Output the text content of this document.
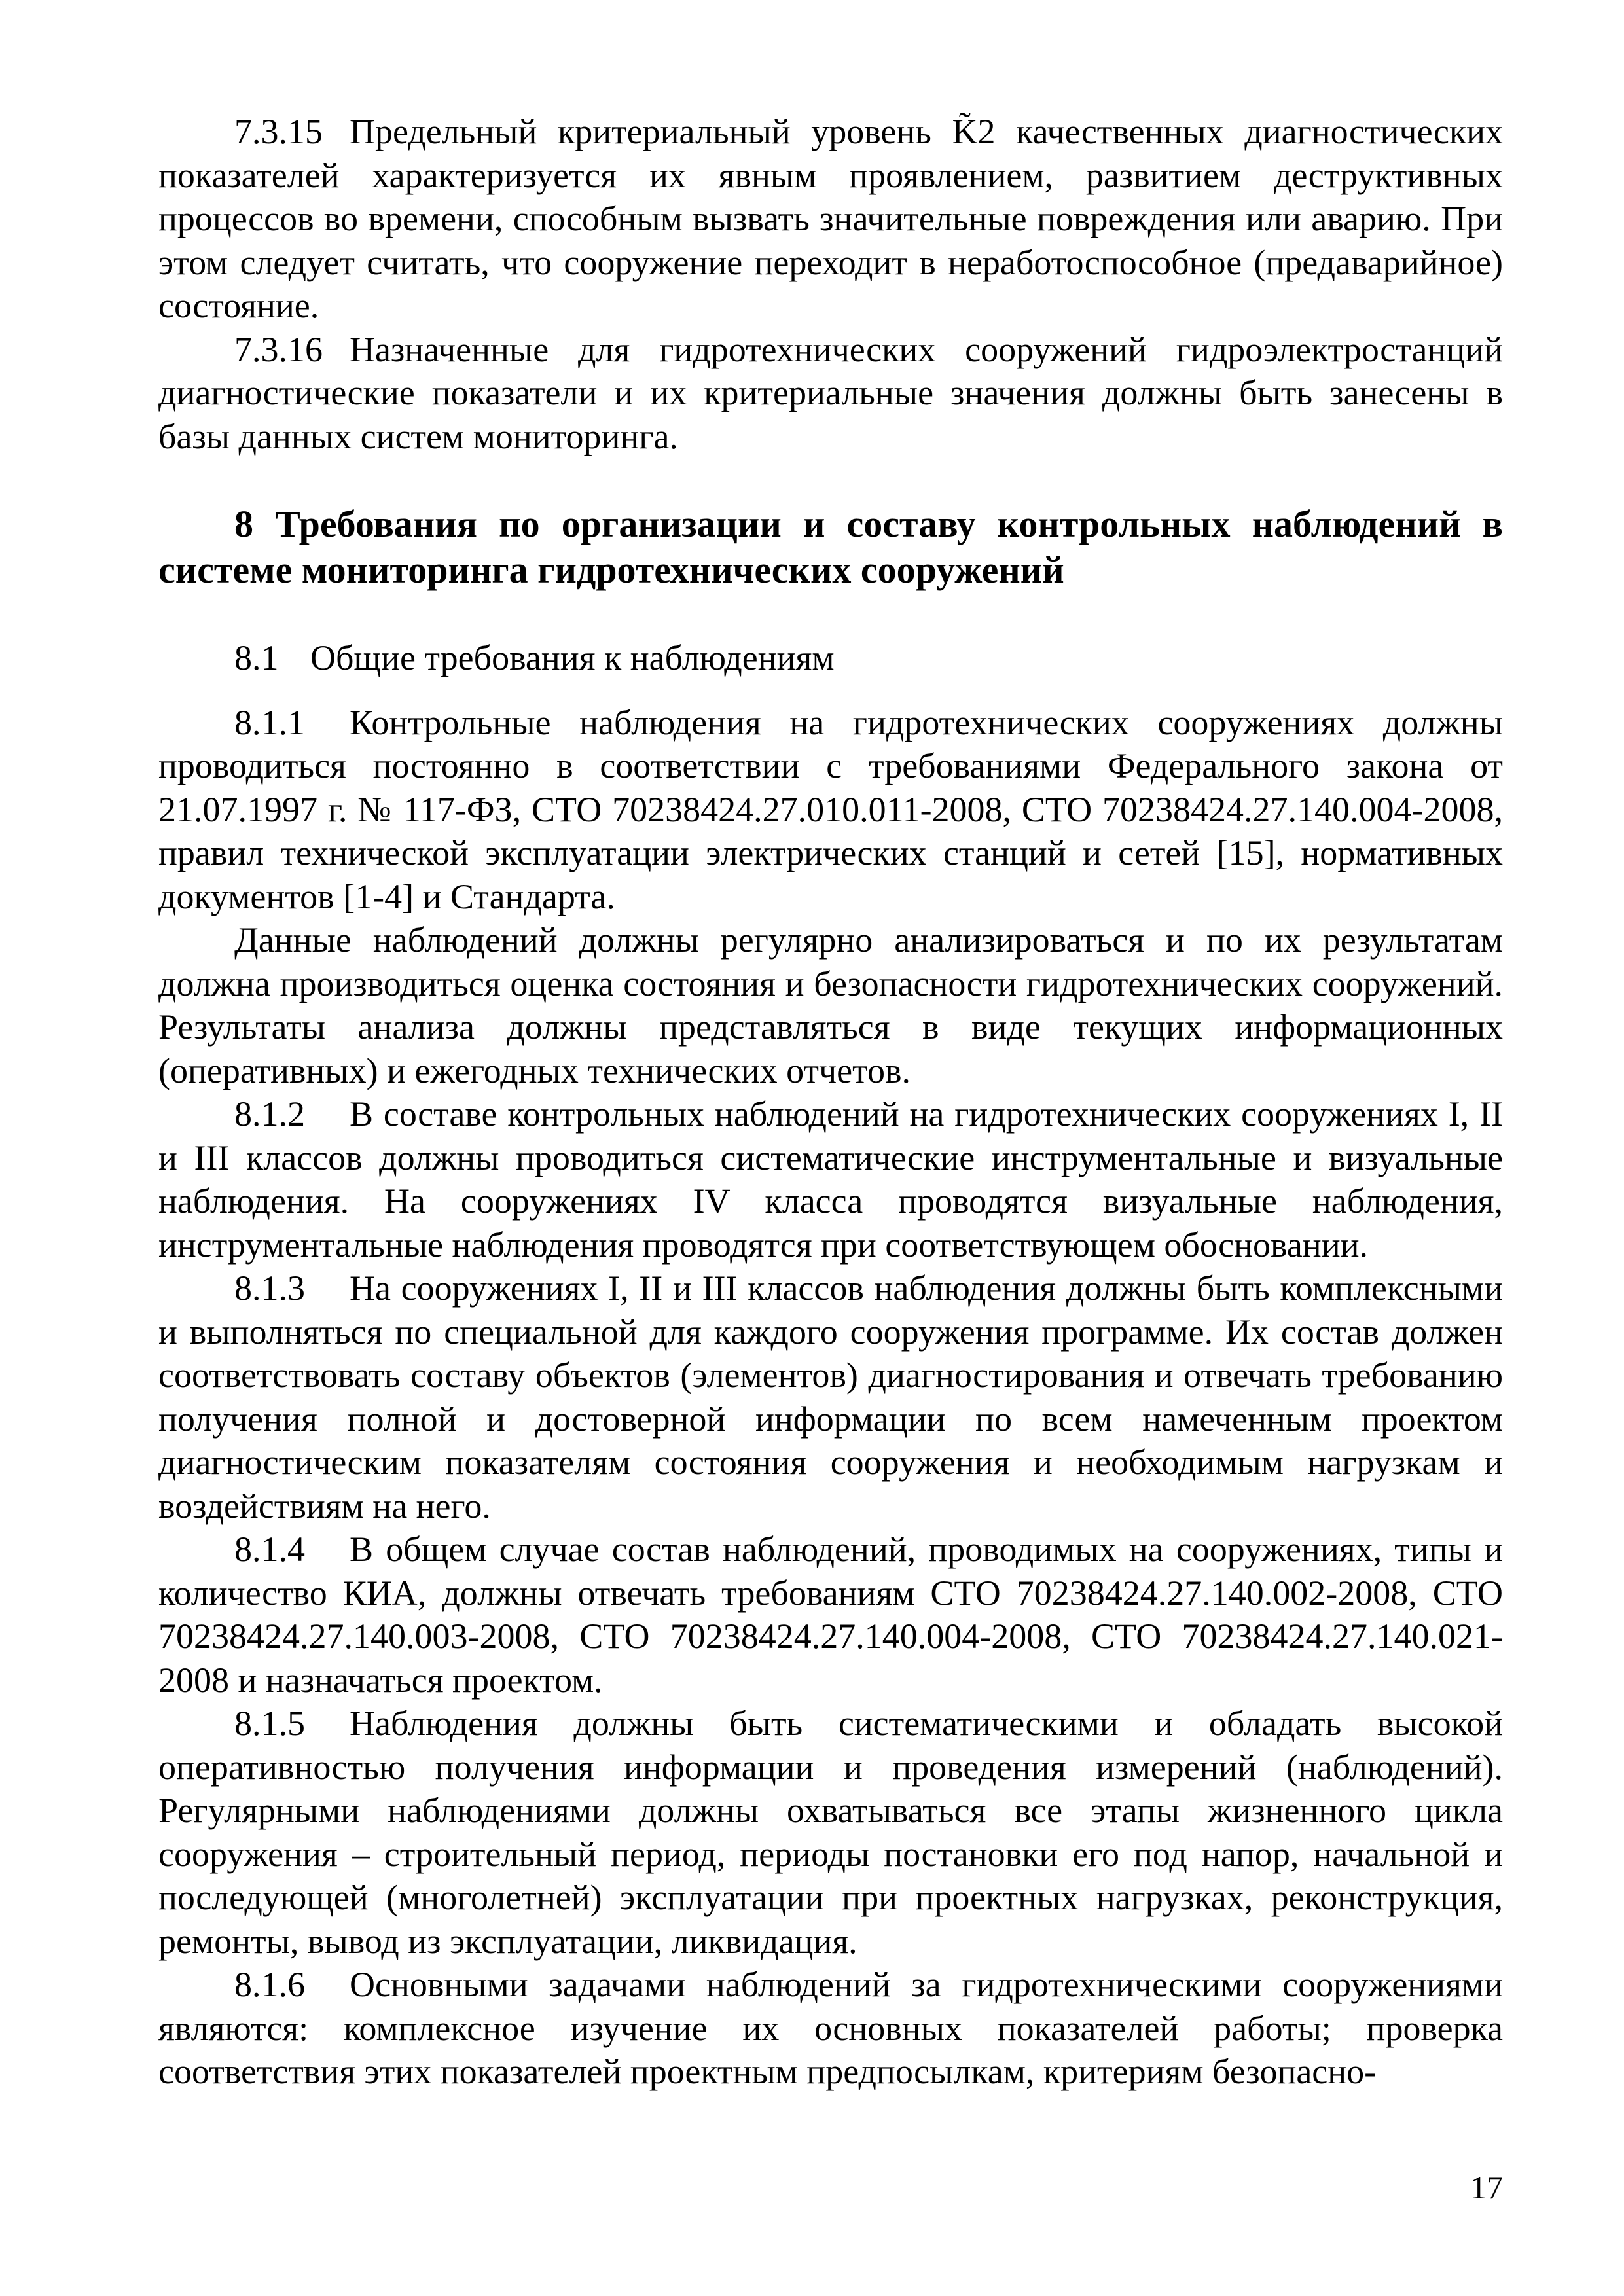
7.3.15 Предельный критериальный уровень K̃2 качественных диагностических показателей характеризуется их явным проявлением, развитием деструктивных процессов во времени, способным вызвать значительные повреждения или аварию. При этом следует считать, что сооружение переходит в неработоспособное (предаварийное) состояние.

7.3.16 Назначенные для гидротехнических сооружений гидроэлектростанций диагностические показатели и их критериальные значения должны быть занесены в базы данных систем мониторинга.

8 Требования по организации и составу контрольных наблюдений в системе мониторинга гидротехнических сооружений

8.1 Общие требования к наблюдениям

8.1.1 Контрольные наблюдения на гидротехнических сооружениях должны проводиться постоянно в соответствии с требованиями Федерального закона от 21.07.1997 г. № 117-ФЗ, СТО 70238424.27.010.011-2008, СТО 70238424.27.140.004-2008, правил технической эксплуатации электрических станций и сетей [15], нормативных документов [1-4] и Стандарта.

Данные наблюдений должны регулярно анализироваться и по их результатам должна производиться оценка состояния и безопасности гидротехнических сооружений. Результаты анализа должны представляться в виде текущих информационных (оперативных) и ежегодных технических отчетов.

8.1.2 В составе контрольных наблюдений на гидротехнических сооружениях I, II и III классов должны проводиться систематические инструментальные и визуальные наблюдения. На сооружениях IV класса проводятся визуальные наблюдения, инструментальные наблюдения проводятся при соответствующем обосновании.

8.1.3 На сооружениях I, II и III классов наблюдения должны быть комплексными и выполняться по специальной для каждого сооружения программе. Их состав должен соответствовать составу объектов (элементов) диагностирования и отвечать требованию получения полной и достоверной информации по всем намеченным проектом диагностическим показателям состояния сооружения и необходимым нагрузкам и воздействиям на него.

8.1.4 В общем случае состав наблюдений, проводимых на сооружениях, типы и количество КИА, должны отвечать требованиям СТО 70238424.27.140.002-2008, СТО 70238424.27.140.003-2008, СТО 70238424.27.140.004-2008, СТО 70238424.27.140.021-2008 и назначаться проектом.

8.1.5 Наблюдения должны быть систематическими и обладать высокой оперативностью получения информации и проведения измерений (наблюдений). Регулярными наблюдениями должны охватываться все этапы жизненного цикла сооружения – строительный период, периоды постановки его под напор, начальной и последующей (многолетней) эксплуатации при проектных нагрузках, реконструкция, ремонты, вывод из эксплуатации, ликвидация.

8.1.6 Основными задачами наблюдений за гидротехническими сооружениями являются: комплексное изучение их основных показателей работы; проверка соответствия этих показателей проектным предпосылкам, критериям безопасно-

17
